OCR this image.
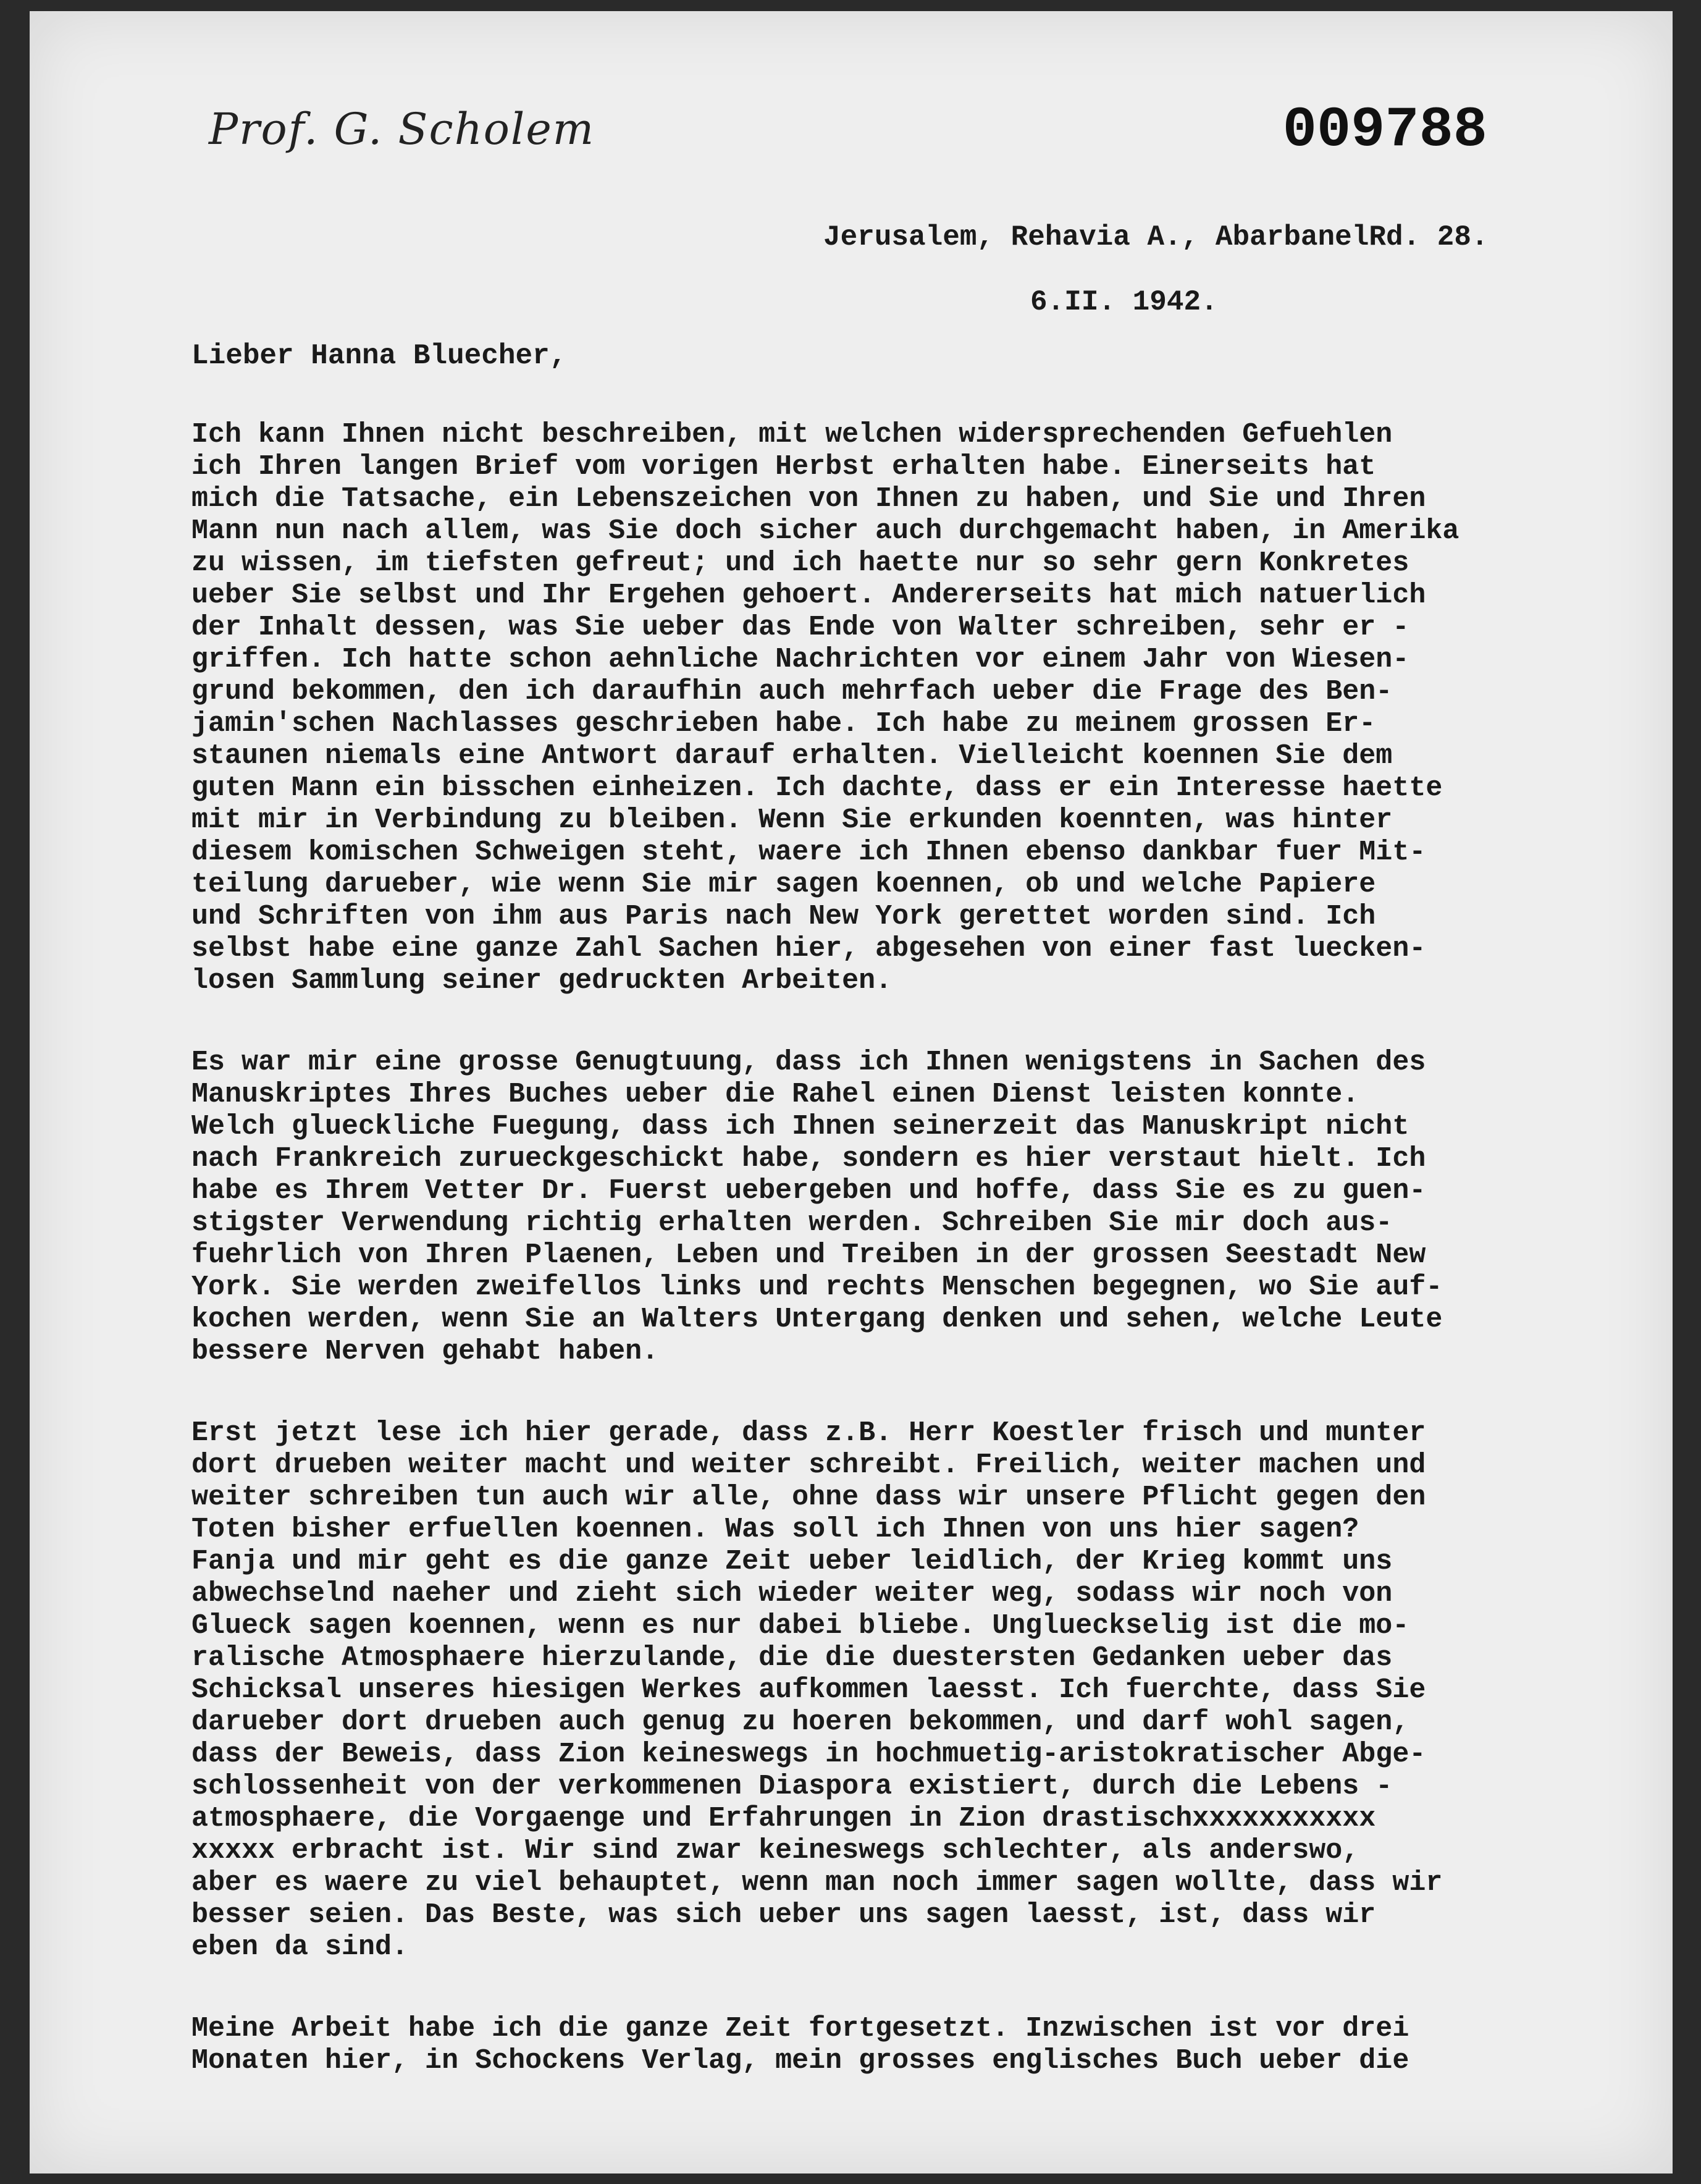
Prof. G. Scholem	009788
Jerusalem, Rehavia A., AbarbanelRd. 28.
6.II. 1942.
Lieber Hanna Bluecher,
Ich kann Ihnen nicht beschreiben, mit welchen widersprechenden Gefuehlen
ich Ihren langen Brief vom vorigen Herbst erhalten habe. Einerseits hat
mich die Tatsache, ein Lebenszeichen von Ihnen zu haben, und Sie und Ihren
Mann nun nach allem, was Sie doch sicher auch durchgemacht haben, in Amerika
zu wissen, im tiefsten gefreut; und ich haette nur so sehr gern Konkretes
ueber Sie selbst und Ihr Ergehen gehoert. Andererseits hat mich natuerlich
der Inhalt dessen, was Sie ueber das Ende von Walter schreiben, sehr er -
griffen. Ich hatte schon aehnliche Nachrichten vor einem Jahr von Wiesen-
grund bekommen, den ich daraufhin auch mehrfach ueber die Frage des Ben-
jamin'schen Nachlasses geschrieben habe. Ich habe zu meinem grossen Er-
staunen niemals eine Antwort darauf erhalten. Vielleicht koennen Sie dem
guten Mann ein bisschen einheizen. Ich dachte, dass er ein Interesse haette
mit mir in Verbindung zu bleiben. Wenn Sie erkunden koennten, was hinter
diesem komischen Schweigen steht, waere ich Ihnen ebenso dankbar fuer Mit-
teilung darueber, wie wenn Sie mir sagen koennen, ob und welche Papiere
und Schriften von ihm aus Paris nach New York gerettet worden sind. Ich
selbst habe eine ganze Zahl Sachen hier, abgesehen von einer fast luecken-
losen Sammlung seiner gedruckten Arbeiten.
Es war mir eine grosse Genugtuung, dass ich Ihnen wenigstens in Sachen des
Manuskriptes Ihres Buches ueber die Rahel einen Dienst leisten konnte.
Welch glueckliche Fuegung, dass ich Ihnen seinerzeit das Manuskript nicht
nach Frankreich zurueckgeschickt habe, sondern es hier verstaut hielt. Ich
habe es Ihrem Vetter Dr. Fuerst uebergeben und hoffe, dass Sie es zu guen-
stigster Verwendung richtig erhalten werden. Schreiben Sie mir doch aus-
fuehrlich von Ihren Plaenen, Leben und Treiben in der grossen Seestadt New
York. Sie werden zweifellos links und rechts Menschen begegnen, wo Sie auf-
kochen werden, wenn Sie an Walters Untergang denken und sehen, welche Leute
bessere Nerven gehabt haben.
Erst jetzt lese ich hier gerade, dass z.B. Herr Koestler frisch und munter
dort drueben weiter macht und weiter schreibt. Freilich, weiter machen und
weiter schreiben tun auch wir alle, ohne dass wir unsere Pflicht gegen den
Toten bisher erfuellen koennen. Was soll ich Ihnen von uns hier sagen?
Fanja und mir geht es die ganze Zeit ueber leidlich, der Krieg kommt uns
abwechselnd naeher und zieht sich wieder weiter weg, sodass wir noch von
Glueck sagen koennen, wenn es nur dabei bliebe. Unglueckselig ist die mo-
ralische Atmosphaere hierzulande, die die duestersten Gedanken ueber das
Schicksal unseres hiesigen Werkes aufkommen laesst. Ich fuerchte, dass Sie
darueber dort drueben auch genug zu hoeren bekommen, und darf wohl sagen,
dass der Beweis, dass Zion keineswegs in hochmuetig-aristokratischer Abge-
schlossenheit von der verkommenen Diaspora existiert, durch die Lebens -
atmosphaere, die Vorgaenge und Erfahrungen in Zion drastischxxxxxxxxxxx
xxxxx erbracht ist. Wir sind zwar keineswegs schlechter, als anderswo,
aber es waere zu viel behauptet, wenn man noch immer sagen wollte, dass wir
besser seien. Das Beste, was sich ueber uns sagen laesst, ist, dass wir
eben da sind.
Meine Arbeit habe ich die ganze Zeit fortgesetzt. Inzwischen ist vor drei
Monaten hier, in Schockens Verlag, mein grosses englisches Buch ueber die
